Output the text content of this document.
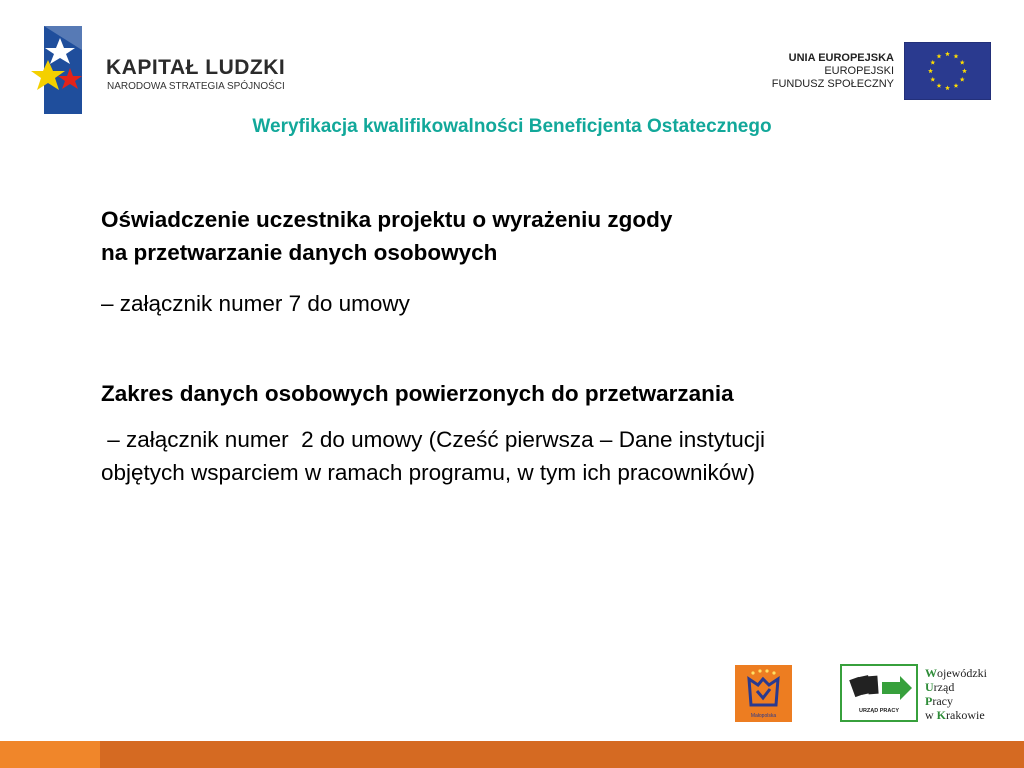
KAPITAŁ LUDZKI
NARODOWA STRATEGIA SPÓJNOŚCI
UNIA EUROPEJSKA
EUROPEJSKI
FUNDUSZ SPOŁECZNY
Weryfikacja kwalifikowalności Beneficjenta Ostatecznego
Oświadczenie uczestnika projektu o wyrażeniu zgody
na przetwarzanie danych osobowych
– załącznik numer 7 do umowy
Zakres danych osobowych powierzonych do przetwarzania
– załącznik numer  2 do umowy (Cześć pierwsza – Dane instytucji
objętych wsparciem w ramach programu, w tym ich pracowników)
Małopolska
URZĄD PRACY
Wojewódzki
Urząd
Pracy
w Krakowie
